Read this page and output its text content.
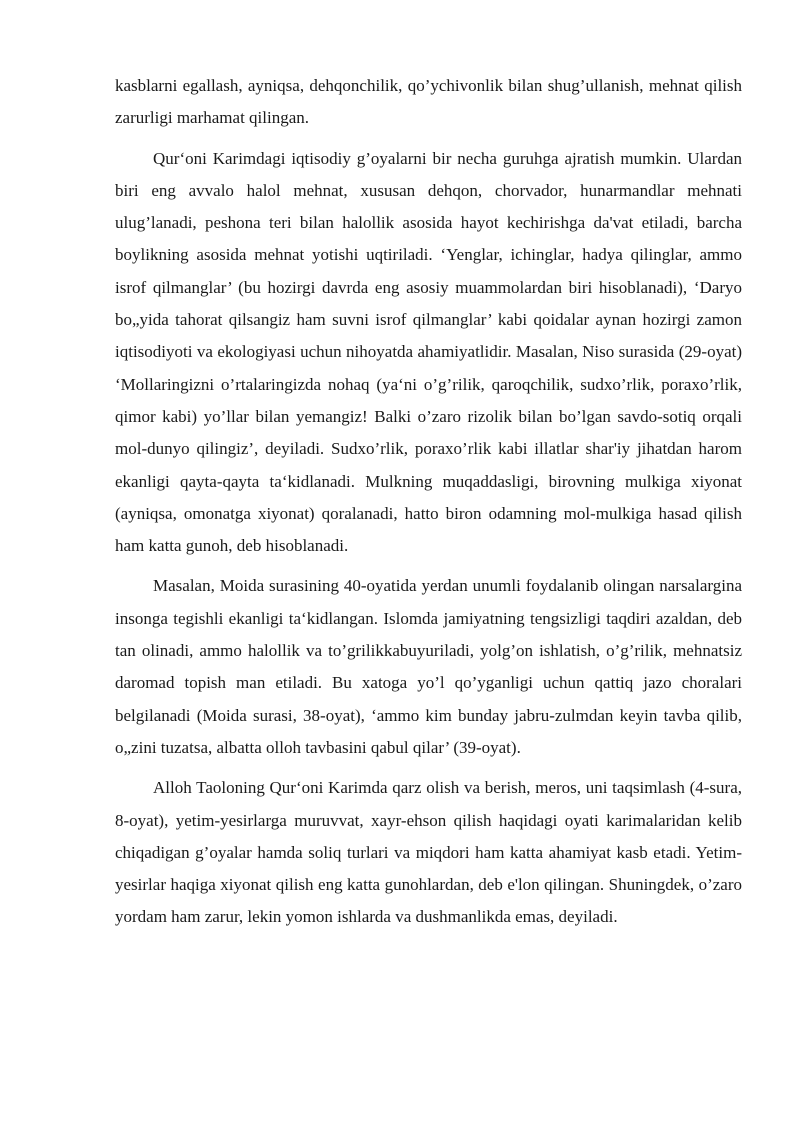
kasblarni egallash, ayniqsa, dehqonchilik, qo’ychivonlik bilan shug’ullanish, mehnat qilish zarurligi marhamat qilingan.

Qur‘oni Karimdagi iqtisodiy g’oyalarni bir necha guruhga ajratish mumkin. Ulardan biri eng avvalo halol mehnat, xususan dehqon, chorvador, hunarmandlar mehnati ulug’lanadi, peshona teri bilan halollik asosida hayot kechirishga da'vat etiladi, barcha boylikning asosida mehnat yotishi uqtiriladi. ‘Yenglar, ichinglar, hadya qilinglar, ammo isrof qilmanglar’ (bu hozirgi davrda eng asosiy muammolardan biri hisoblanadi), ‘Daryo bo„yida tahorat qilsangiz ham suvni isrof qilmanglar’ kabi qoidalar aynan hozirgi zamon iqtisodiyoti va ekologiyasi uchun nihoyatda ahamiyatlidir. Masalan, Niso surasida (29-oyat) ‘Mollaringizni o’rtalaringizda nohaq (ya‘ni o’g’rilik, qaroqchilik, sudxo’rlik, poraxo’rlik, qimor kabi) yo’llar bilan yemangiz! Balki o’zaro rizolik bilan bo’lgan savdo-sotiq orqali mol-dunyo qilingiz’, deyiladi. Sudxo’rlik, poraxo’rlik kabi illatlar shar'iy jihatdan harom ekanligi qayta-qayta ta‘kidlanadi. Mulkning muqaddasligi, birovning mulkiga xiyonat (ayniqsa, omonatga xiyonat) qoralanadi, hatto biron odamning mol-mulkiga hasad qilish ham katta gunoh, deb hisoblanadi.

Masalan, Moida surasining 40-oyatida yerdan unumli foydalanib olingan narsalargina insonga tegishli ekanligi ta‘kidlangan. Islomda jamiyatning tengsizligi taqdiri azaldan, deb tan olinadi, ammo halollik va to’grilikkabuyuriladi, yolg’on ishlatish, o’g’rilik, mehnatsiz daromad topish man etiladi. Bu xatoga yo’l qo’yganligi uchun qattiq jazo choralari belgilanadi (Moida surasi, 38-oyat), ‘ammo kim bunday jabru-zulmdan keyin tavba qilib, o„zini tuzatsa, albatta olloh tavbasini qabul qilar’ (39-oyat).

Alloh Taoloning Qur‘oni Karimda qarz olish va berish, meros, uni taqsimlash (4-sura, 8-oyat), yetim-yesirlarga muruvvat, xayr-ehson qilish haqidagi oyati karimalaridan kelib chiqadigan g’oyalar hamda soliq turlari va miqdori ham katta ahamiyat kasb etadi. Yetim-yesirlar haqiga xiyonat qilish eng katta gunohlardan, deb e'lon qilingan. Shuningdek, o’zaro yordam ham zarur, lekin yomon ishlarda va dushmanlikda emas, deyiladi.
